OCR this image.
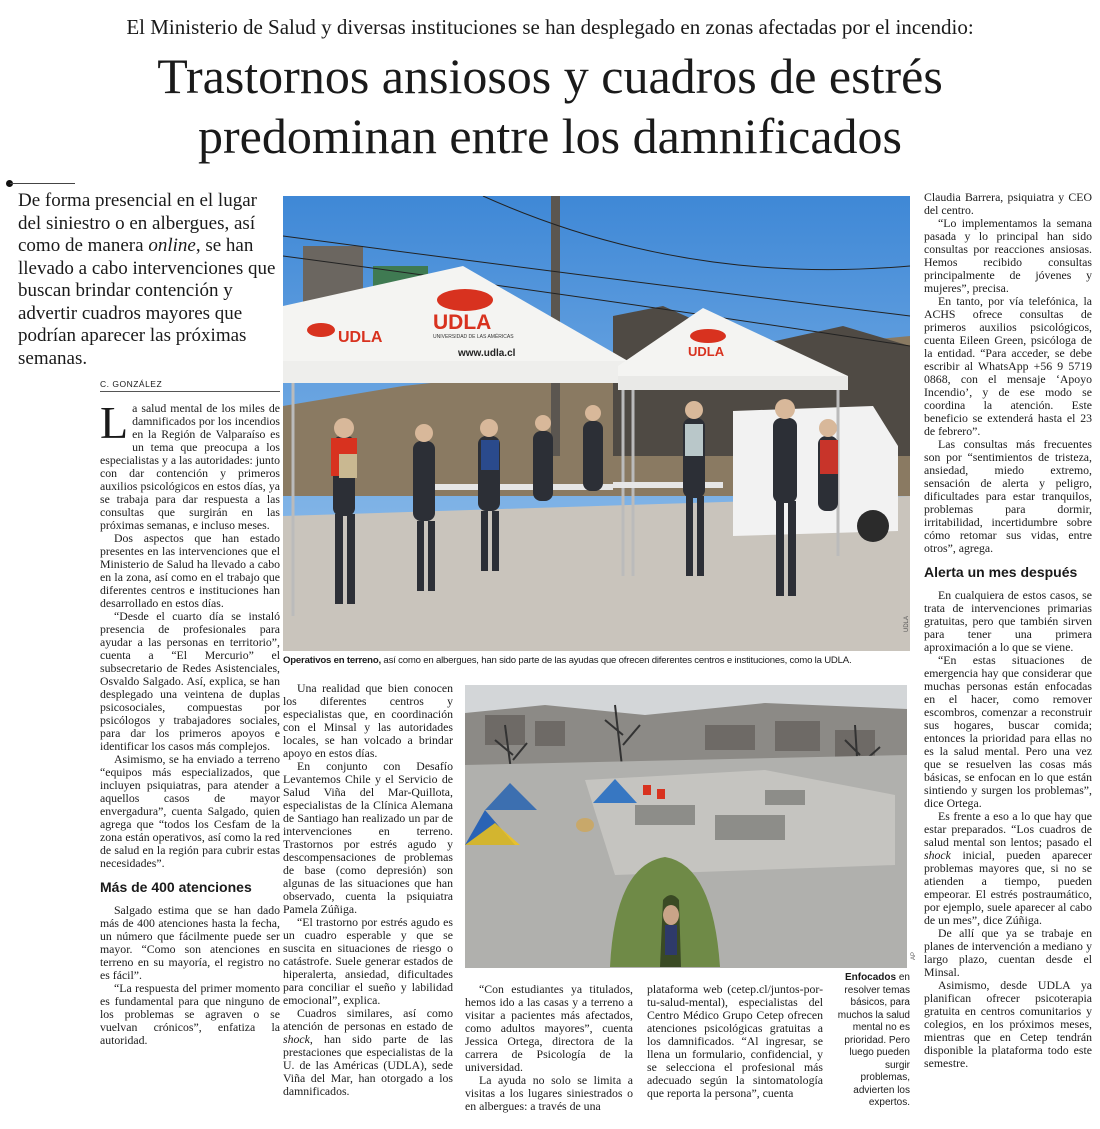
El Ministerio de Salud y diversas instituciones se han desplegado en zonas afectadas por el incendio:
Trastornos ansiosos y cuadros de estrés
predominan entre los damnificados
De forma presencial en el lugar del siniestro o en albergues, así como de manera online, se han llevado a cabo intervenciones que buscan brindar contención y advertir cuadros mayores que podrían aparecer las próximas semanas.
C. GONZÁLEZ

La salud mental de los miles de damnificados por los incendios en la Región de Valparaíso es un tema que preocupa a los especialistas y a las autoridades: junto con dar contención y primeros auxilios psicológicos en estos días, ya se trabaja para dar respuesta a las consultas que surgirán en las próximas semanas, e incluso meses.

Dos aspectos que han estado presentes en las intervenciones que el Ministerio de Salud ha llevado a cabo en la zona, así como en el trabajo que diferentes centros e instituciones han desarrollado en estos días.

“Desde el cuarto día se instaló presencia de profesionales para ayudar a las personas en territorio”, cuenta a “El Mercurio” el subsecretario de Redes Asistenciales, Osvaldo Salgado. Así, explica, se han desplegado una veintena de duplas psicosociales, compuestas por psicólogos y trabajadores sociales, para dar los primeros apoyos e identificar los casos más complejos.

Asimismo, se ha enviado a terreno “equipos más especializados, que incluyen psiquiatras, para atender a aquellos casos de mayor envergadura”, cuenta Salgado, quien agrega que “todos los Cesfam de la zona están operativos, así como la red de salud en la región para cubrir estas necesidades”.

Más de 400 atenciones

Salgado estima que se han dado más de 400 atenciones hasta la fecha, un número que fácilmente puede ser mayor. “Como son atenciones en terreno en su mayoría, el registro no es fácil”.

“La respuesta del primer momento es fundamental para que ninguno de los problemas se agraven o se vuelvan crónicos”, enfatiza la autoridad.

Una realidad que bien conocen los diferentes centros y especialistas que, en coordinación con el Minsal y las autoridades locales, se han volcado a brindar apoyo en estos días.

En conjunto con Desafío Levantemos Chile y el Servicio de Salud Viña del Mar-Quillota, especialistas de la Clínica Alemana de Santiago han realizado un par de intervenciones en terreno. Trastornos por estrés agudo y descompensaciones de problemas de base (como depresión) son algunas de las situaciones que han observado, cuenta la psiquiatra Pamela Zúñiga.

“El trastorno por estrés agudo es un cuadro esperable y que se suscita en situaciones de riesgo o catástrofe. Suele generar estados de hiperalerta, ansiedad, dificultades para conciliar el sueño y labilidad emocional”, explica.

Cuadros similares, así como atención de personas en estado de shock, han sido parte de las prestaciones que especialistas de la U. de las Américas (UDLA), sede Viña del Mar, han otorgado a los damnificados.

“Con estudiantes ya titulados, hemos ido a las casas y a terreno a visitar a pacientes más afectados, como adultos mayores”, cuenta Jessica Ortega, directora de la carrera de Psicología de la universidad.

La ayuda no solo se limita a visitas a los lugares siniestrados o en albergues: a través de una

plataforma web (cetep.cl/juntos-por-tu-salud-mental), especialistas del Centro Médico Grupo Cetep ofrecen atenciones psicológicas gratuitas a los damnificados. “Al ingresar, se llena un formulario, confidencial, y se selecciona el profesional más adecuado según la sintomatología que reporta la persona”, cuenta

Claudia Barrera, psiquiatra y CEO del centro.

“Lo implementamos la semana pasada y lo principal han sido consultas por reacciones ansiosas. Hemos recibido consultas principalmente de jóvenes y mujeres”, precisa.

En tanto, por vía telefónica, la ACHS ofrece consultas de primeros auxilios psicológicos, cuenta Eileen Green, psicóloga de la entidad. “Para acceder, se debe escribir al WhatsApp +56 9 5719 0868, con el mensaje ‘Apoyo Incendio’, y de ese modo se coordina la atención. Este beneficio se extenderá hasta el 23 de febrero”.

Las consultas más frecuentes son por “sentimientos de tristeza, ansiedad, miedo extremo, sensación de alerta y peligro, dificultades para estar tranquilos, problemas para dormir, irritabilidad, incertidumbre sobre cómo retomar sus vidas, entre otros”, agrega.

Alerta un mes después

En cualquiera de estos casos, se trata de intervenciones primarias gratuitas, pero que también sirven para tener una primera aproximación a lo que se viene.

“En estas situaciones de emergencia hay que considerar que muchas personas están enfocadas en el hacer, como remover escombros, comenzar a reconstruir sus hogares, buscar comida; entonces la prioridad para ellas no es la salud mental. Pero una vez que se resuelven las cosas más básicas, se enfocan en lo que están sintiendo y surgen los problemas”, dice Ortega.

Es frente a eso a lo que hay que estar preparados. “Los cuadros de salud mental son lentos; pasado el shock inicial, pueden aparecer problemas mayores que, si no se atienden a tiempo, pueden empeorar. El estrés postraumático, por ejemplo, suele aparecer al cabo de un mes”, dice Zúñiga.

De allí que ya se trabaje en planes de intervención a mediano y largo plazo, cuentan desde el Minsal.

Asimismo, desde UDLA ya planifican ofrecer psicoterapia gratuita en centros comunitarios y colegios, en los próximos meses, mientras que en Cetep tendrán disponible la plataforma todo este semestre.

UDLA
UNIVERSIDAD DE LAS AMÉRICAS
www.udla.cl
UDLA
UDLA
UDLA
Operativos en terreno, así como en albergues, han sido parte de las ayudas que ofrecen diferentes centros e instituciones, como la UDLA.
AP
Enfocados en resolver temas básicos, para muchos la salud mental no es prioridad. Pero luego pueden surgir problemas, advierten los expertos.
